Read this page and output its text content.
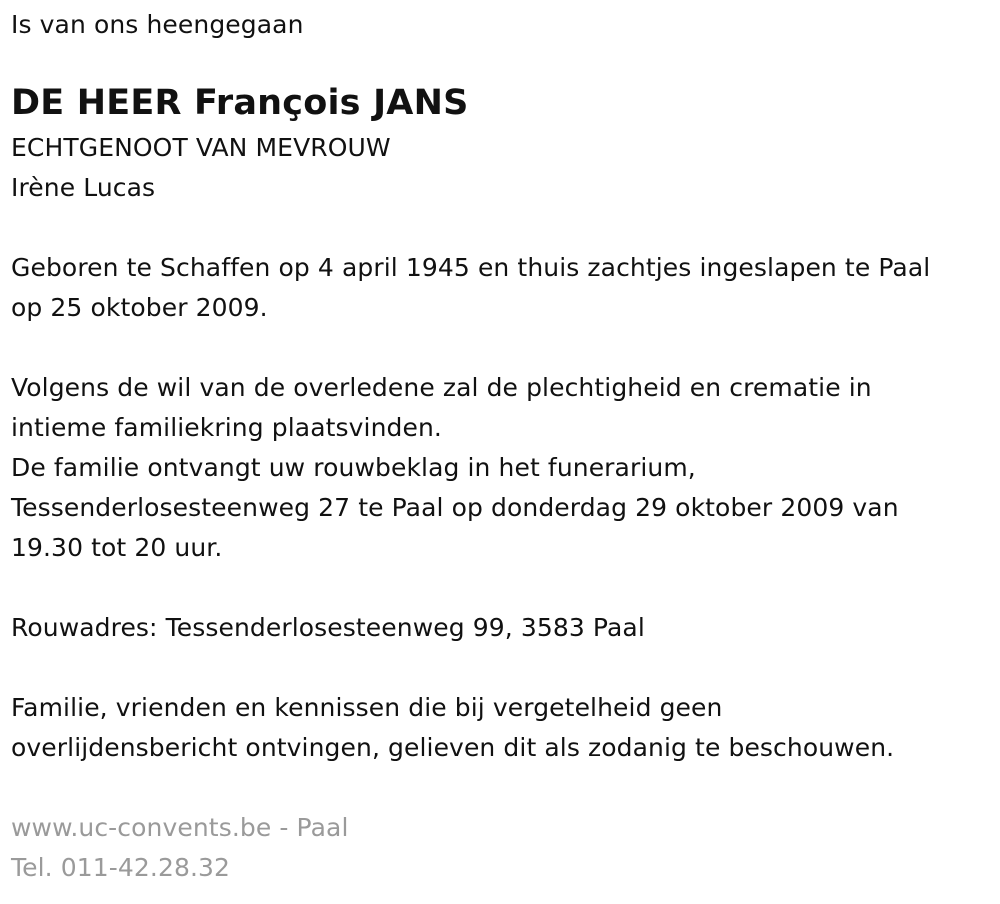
Is van ons heengegaan
DE HEER François JANS
ECHTGENOOT VAN MEVROUW
Irène Lucas
Geboren te Schaffen op 4 april 1945 en thuis zachtjes ingeslapen te Paal
op 25 oktober 2009.
Volgens de wil van de overledene zal de plechtigheid en crematie in
intieme familiekring plaatsvinden.
De familie ontvangt uw rouwbeklag in het funerarium,
Tessenderlosesteenweg 27 te Paal op donderdag 29 oktober 2009 van
19.30 tot 20 uur.
Rouwadres: Tessenderlosesteenweg 99, 3583 Paal
Familie, vrienden en kennissen die bij vergetelheid geen
overlijdensbericht ontvingen, gelieven dit als zodanig te beschouwen.
www.uc-convents.be - Paal
Tel. 011-42.28.32
